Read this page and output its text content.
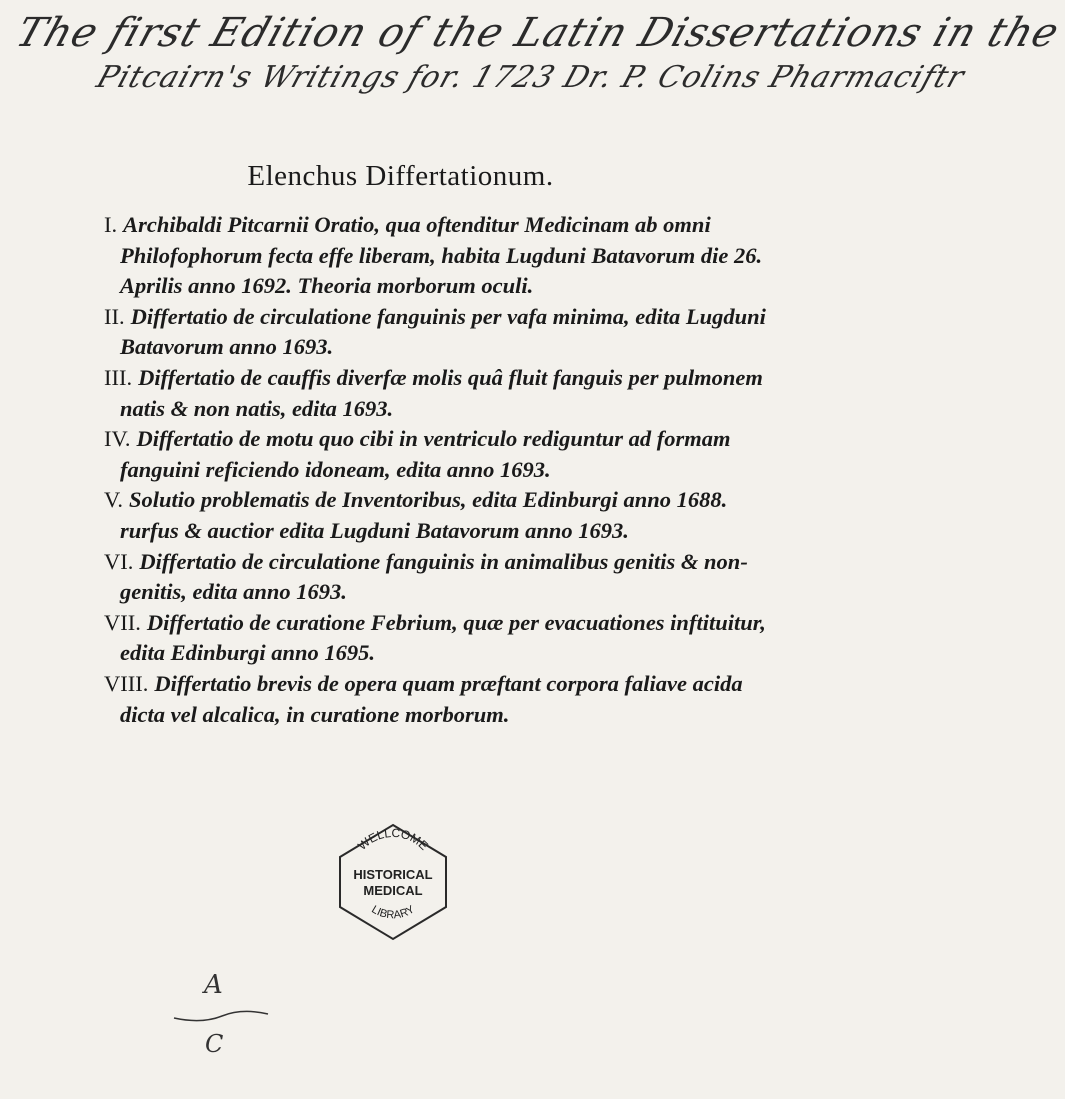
The first Edition of the Latin Dissertations in the
Pitcairn's Writings for. 1723 Dr. P. Colins Pharmaciftr
Elenchus Differtationum.

I. Archibaldi Pitcarnii Oratio, qua oftenditur Medicinam ab omni Philofophorum fecta effe liberam, habita Lugduni Batavorum die 26. Aprilis anno 1692. Theoria morborum oculi.

II. Differtatio de circulatione fanguinis per vafa minima, edita Lugduni Batavorum anno 1693.

III. Differtatio de cauffis diverfæ molis quâ fluit fanguis per pulmonem natis & non natis, edita 1693.

IV. Differtatio de motu quo cibi in ventriculo rediguntur ad formam fanguini reficiendo idoneam, edita anno 1693.

V. Solutio problematis de Inventoribus, edita Edinburgi anno 1688. rurfus & auctior edita Lugduni Batavorum anno 1693.

VI. Differtatio de circulatione fanguinis in animalibus genitis & non-genitis, edita anno 1693.

VII. Differtatio de curatione Febrium, quæ per evacuationes inftituitur, edita Edinburgi anno 1695.

VIII. Differtatio brevis de opera quam præftant corpora faliave acida dicta vel alcalica, in curatione morborum.

WELLCOME
HISTORICAL
MEDICAL
LIBRARY
A
C
